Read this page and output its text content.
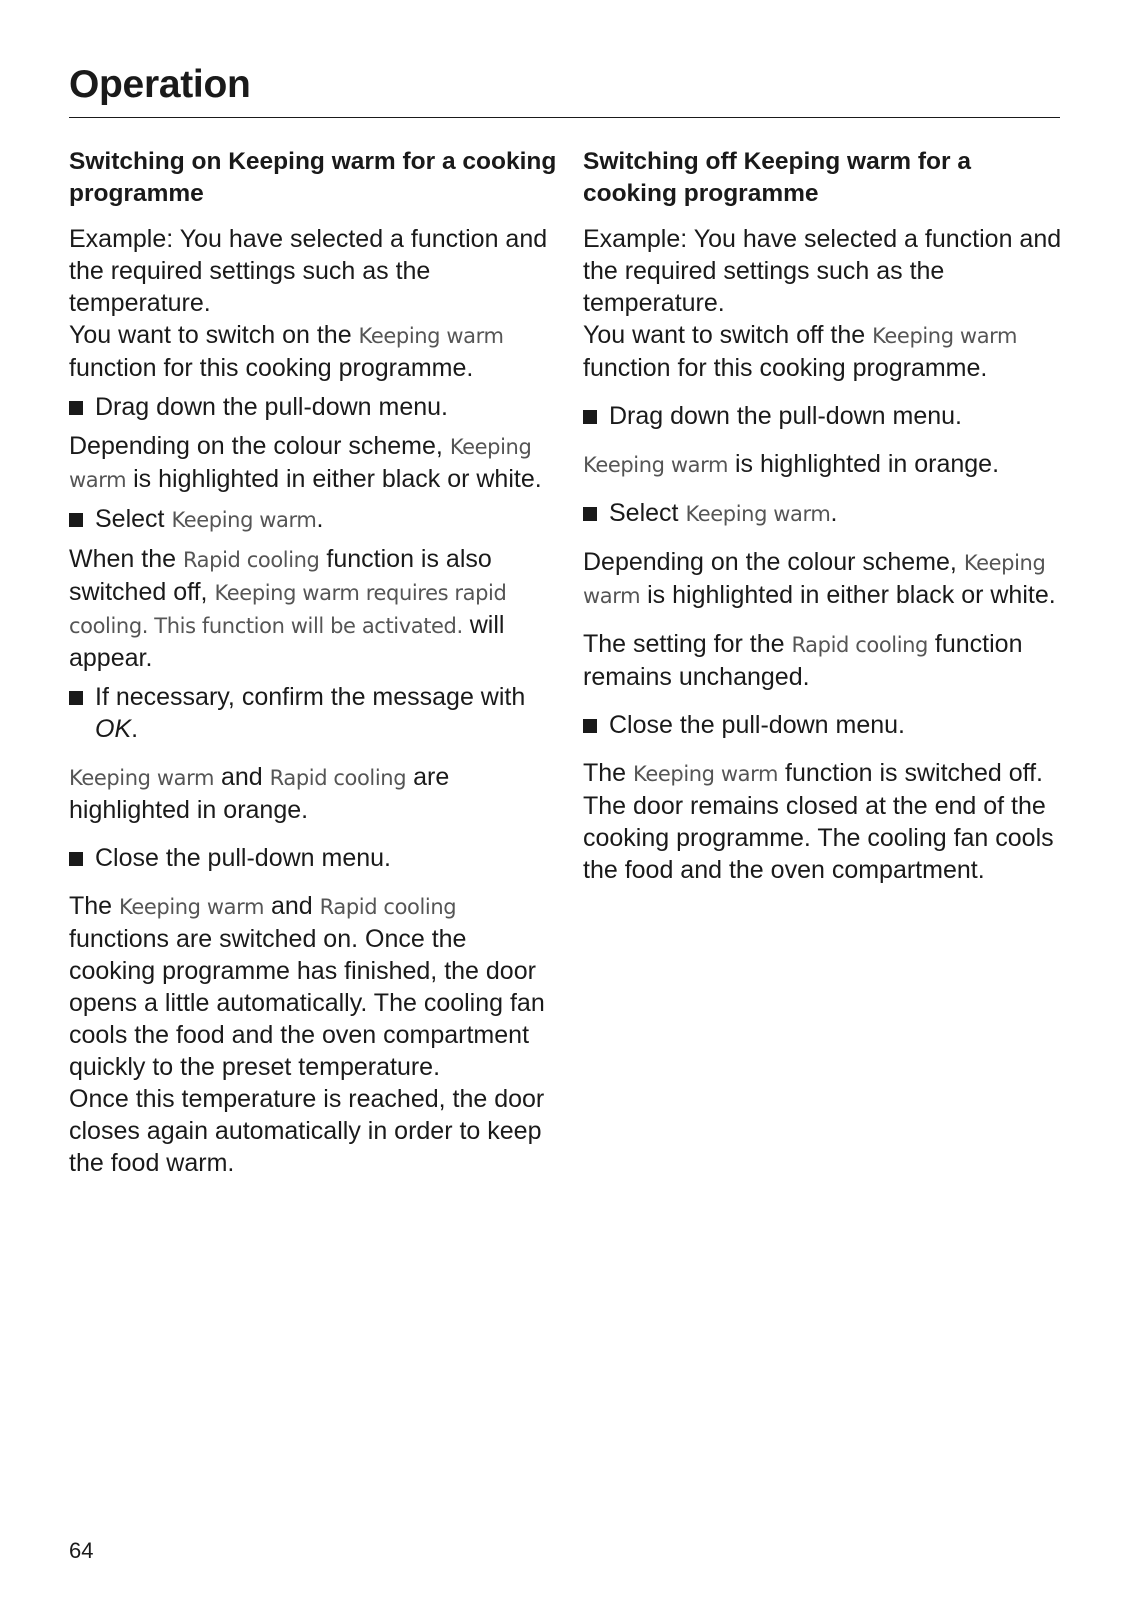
Operation
Switching on Keeping warm for a cooking programme

Example: You have selected a function and the required settings such as the temperature.
You want to switch on the Keeping warm function for this cooking programme.

Drag down the pull-down menu.

Depending on the colour scheme, Keeping warm is highlighted in either black or white.

Select Keeping warm.

When the Rapid cooling function is also switched off, Keeping warm requires rapid cooling. This function will be activated. will appear.

If necessary, confirm the message with OK.

Keeping warm and Rapid cooling are highlighted in orange.

Close the pull-down menu.

The Keeping warm and Rapid cooling functions are switched on. Once the cooking programme has finished, the door opens a little automatically. The cooling fan cools the food and the oven compartment quickly to the preset temperature.
Once this temperature is reached, the door closes again automatically in order to keep the food warm.

Switching off Keeping warm for a cooking programme

Example: You have selected a function and the required settings such as the temperature.
You want to switch off the Keeping warm function for this cooking programme.

Drag down the pull-down menu.

Keeping warm is highlighted in orange.

Select Keeping warm.

Depending on the colour scheme, Keeping warm is highlighted in either black or white.

The setting for the Rapid cooling function remains unchanged.

Close the pull-down menu.

The Keeping warm function is switched off. The door remains closed at the end of the cooking programme. The cooling fan cools the food and the oven compartment.

64
